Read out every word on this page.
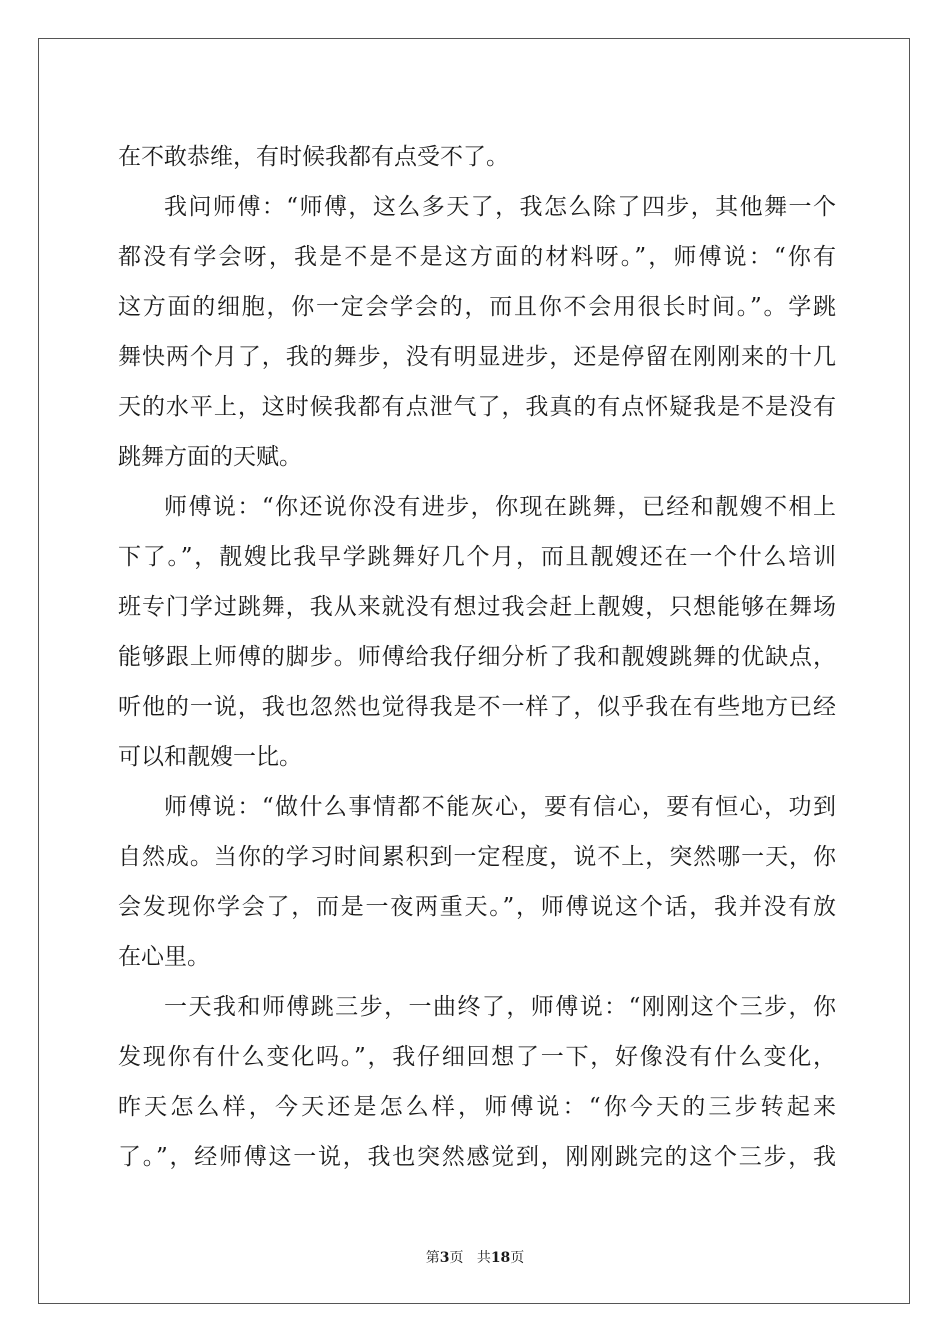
在不敢恭维，有时候我都有点受不了。
我问师傅：“师傅，这么多天了，我怎么除了四步，其他舞一个
都没有学会呀，我是不是不是这方面的材料呀。”，师傅说：“你有
这方面的细胞，你一定会学会的，而且你不会用很长时间。”。学跳
舞快两个月了，我的舞步，没有明显进步，还是停留在刚刚来的十几
天的水平上，这时候我都有点泄气了，我真的有点怀疑我是不是没有
跳舞方面的天赋。
师傅说：“你还说你没有进步，你现在跳舞，已经和靓嫂不相上
下了。”，靓嫂比我早学跳舞好几个月，而且靓嫂还在一个什么培训
班专门学过跳舞，我从来就没有想过我会赶上靓嫂，只想能够在舞场
能够跟上师傅的脚步。师傅给我仔细分析了我和靓嫂跳舞的优缺点，
听他的一说，我也忽然也觉得我是不一样了，似乎我在有些地方已经
可以和靓嫂一比。
师傅说：“做什么事情都不能灰心，要有信心，要有恒心，功到
自然成。当你的学习时间累积到一定程度，说不上，突然哪一天，你
会发现你学会了，而是一夜两重天。”，师傅说这个话，我并没有放
在心里。
一天我和师傅跳三步，一曲终了，师傅说：“刚刚这个三步，你
发现你有什么变化吗。”，我仔细回想了一下，好像没有什么变化，
昨天怎么样，今天还是怎么样，师傅说：“你今天的三步转起来
了。”，经师傅这一说，我也突然感觉到，刚刚跳完的这个三步，我
第3页 共18页
